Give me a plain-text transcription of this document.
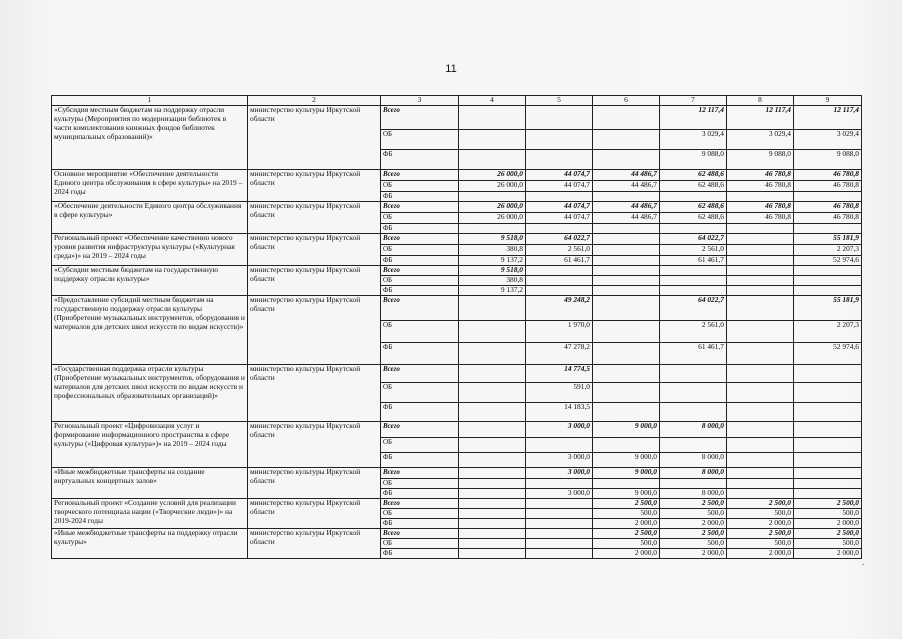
11
1	2	3	4	5	6	7	8	9
«Субсидия местным бюджетам на поддержку отрасли культуры (Мероприятия по модернизации библиотек в части комплектования книжных фондов библиотек муниципальных образований)»	министерство культуры Иркутской области	Всего				12 117,4	12 117,4	12 117,4
		ОБ				3 029,4	3 029,4	3 029,4
		ФБ				9 088,0	9 088,0	9 088,0
Основное мероприятие «Обеспечение деятельности Единого центра обслуживания в сфере культуры» на 2019 – 2024 годы	министерство культуры Иркутской области	Всего	26 000,0	44 074,7	44 486,7	62 488,6	46 780,8	46 780,8
		ОБ	26 000,0	44 074,7	44 486,7	62 488,6	46 780,8	46 780,8
		ФБ						
«Обеспечение деятельности Единого центра обслуживания в сфере культуры»	министерство культуры Иркутской области	Всего	26 000,0	44 074,7	44 486,7	62 488,6	46 780,8	46 780,8
		ОБ	26 000,0	44 074,7	44 486,7	62 488,6	46 780,8	46 780,8
		ФБ						
Региональный проект «Обеспечение качественно нового уровня развития инфраструктуры культуры («Культурная среда»)» на 2019 – 2024 годы	министерство культуры Иркутской области	Всего	9 518,0	64 022,7		64 022,7		55 181,9
		ОБ	380,8	2 561,0		2 561,0		2 207,3
		ФБ	9 137,2	61 461,7		61 461,7		52 974,6
«Субсидии местным бюджетам на государственную поддержку отрасли культуры»	министерство культуры Иркутской области	Всего	9 518,0					
		ОБ	380,8					
		ФБ	9 137,2					
«Предоставление субсидий местным бюджетам на государственную поддержку отрасли культуры (Приобретение музыкальных инструментов, оборудования и материалов для детских школ искусств по видам искусств)»	министерство культуры Иркутской области	Всего		49 248,2		64 022,7		55 181,9
		ОБ		1 970,0		2 561,0		2 207,3
		ФБ		47 278,2		61 461,7		52 974,6
«Государственная поддержка отрасли культуры (Приобретение музыкальных инструментов, оборудования и материалов для детских школ искусств по видам искусств и профессиональных образовательных организаций)»	министерство культуры Иркутской области	Всего		14 774,5				
		ОБ		591,0				
		ФБ		14 183,5				
Региональный проект «Цифровизация услуг и формирование информационного пространства в сфере культуры («Цифровая культура»)» на 2019 – 2024 годы	министерство культуры Иркутской области	Всего		3 000,0	9 000,0	8 000,0		
		ОБ						
		ФБ		3 000,0	9 000,0	8 000,0		
«Иные межбюджетные трансферты на создание виртуальных концертных залов»	министерство культуры Иркутской области	Всего		3 000,0	9 000,0	8 000,0		
		ОБ						
		ФБ		3 000,0	9 000,0	8 000,0		
Региональный проект «Создание условий для реализации творческого потенциала нации («Творческие люди»)» на 2019-2024 годы	министерство культуры Иркутской области	Всего			2 500,0	2 500,0	2 500,0	2 500,0
		ОБ			500,0	500,0	500,0	500,0
		ФБ			2 000,0	2 000,0	2 000,0	2 000,0
«Иные межбюджетные трансферты на поддержку отрасли культуры»	министерство культуры Иркутской области	Всего			2 500,0	2 500,0	2 500,0	2 500,0
		ОБ			500,0	500,0	500,0	500,0
		ФБ			2 000,0	2 000,0	2 000,0	2 000,0
.
